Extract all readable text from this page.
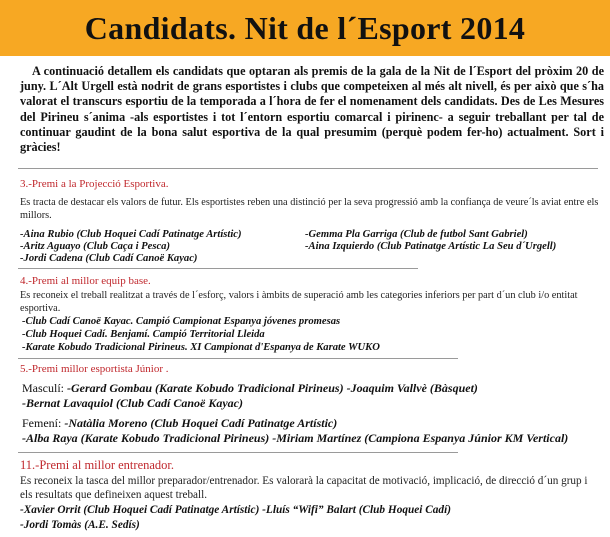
Candidats. Nit de l´Esport 2014

A continuació detallem els candidats que optaran als premis de la gala de la Nit de l´Esport del pròxim 20 de juny. L´Alt Urgell està nodrit de grans esportistes i clubs que competeixen al més alt nivell, és per això que s´ha valorat el transcurs esportiu de la temporada a l´hora de fer el nomenament dels candidats. Des de Les Mesures del Pirineu s´anima -als esportistes i tot l´entorn esportiu comarcal i pirinenc- a seguir treballant per tal de continuar gaudint de la bona salut esportiva de la qual presumim (perquè podem fer-ho) actualment. Sort i gràcies!

3.-Premi a la Projecció Esportiva.
Es tracta de destacar els valors de futur. Els esportistes reben una distinció per la seva progressió amb la confiança de veure´ls aviat entre els millors.
-Aina Rubio (Club Hoquei Cadí Patinatge Artístic)
-Aritz Aguayo (Club Caça i Pesca)
-Jordi Cadena (Club Cadí Canoë Kayac)
-Gemma Pla Garriga (Club de futbol Sant Gabriel)
-Aina Izquierdo (Club Patinatge Artístic La Seu d´Urgell)
4.-Premi al millor equip base.
Es reconeix el treball realitzat a través de l´esforç, valors i àmbits de superació amb les categories inferiors per part d´un club i/o entitat esportiva.
-Club Cadí Canoë Kayac. Campió Campionat Espanya jóvenes promesas
-Club Hoquei Cadí. Benjamí. Campió Territorial Lleida
-Karate Kobudo Tradicional Pirineus. XI Campionat d'Espanya de Karate WUKO
5.-Premi millor esportista Júnior .
Masculí: -Gerard Gombau (Karate Kobudo Tradicional Pirineus) -Joaquim Vallvè (Bàsquet)
-Bernat Lavaquiol (Club Cadí Canoë Kayac)
Femení: -Natàlia Moreno (Club Hoquei Cadí Patinatge Artístic)
-Alba Raya (Karate Kobudo Tradicional Pirineus) -Miriam Martínez (Campiona Espanya Júnior KM Vertical)
11.-Premi al millor entrenador.
Es reconeix la tasca del millor preparador/entrenador. Es valorarà la capacitat de motivació, implicació, de direcció d´un grup i els resultats que defineixen aquest treball.
-Xavier Orrit (Club Hoquei Cadí Patinatge Artístic) -Lluís “Wifi” Balart (Club Hoquei Cadí)
-Jordi Tomàs (A.E. Sedís)
